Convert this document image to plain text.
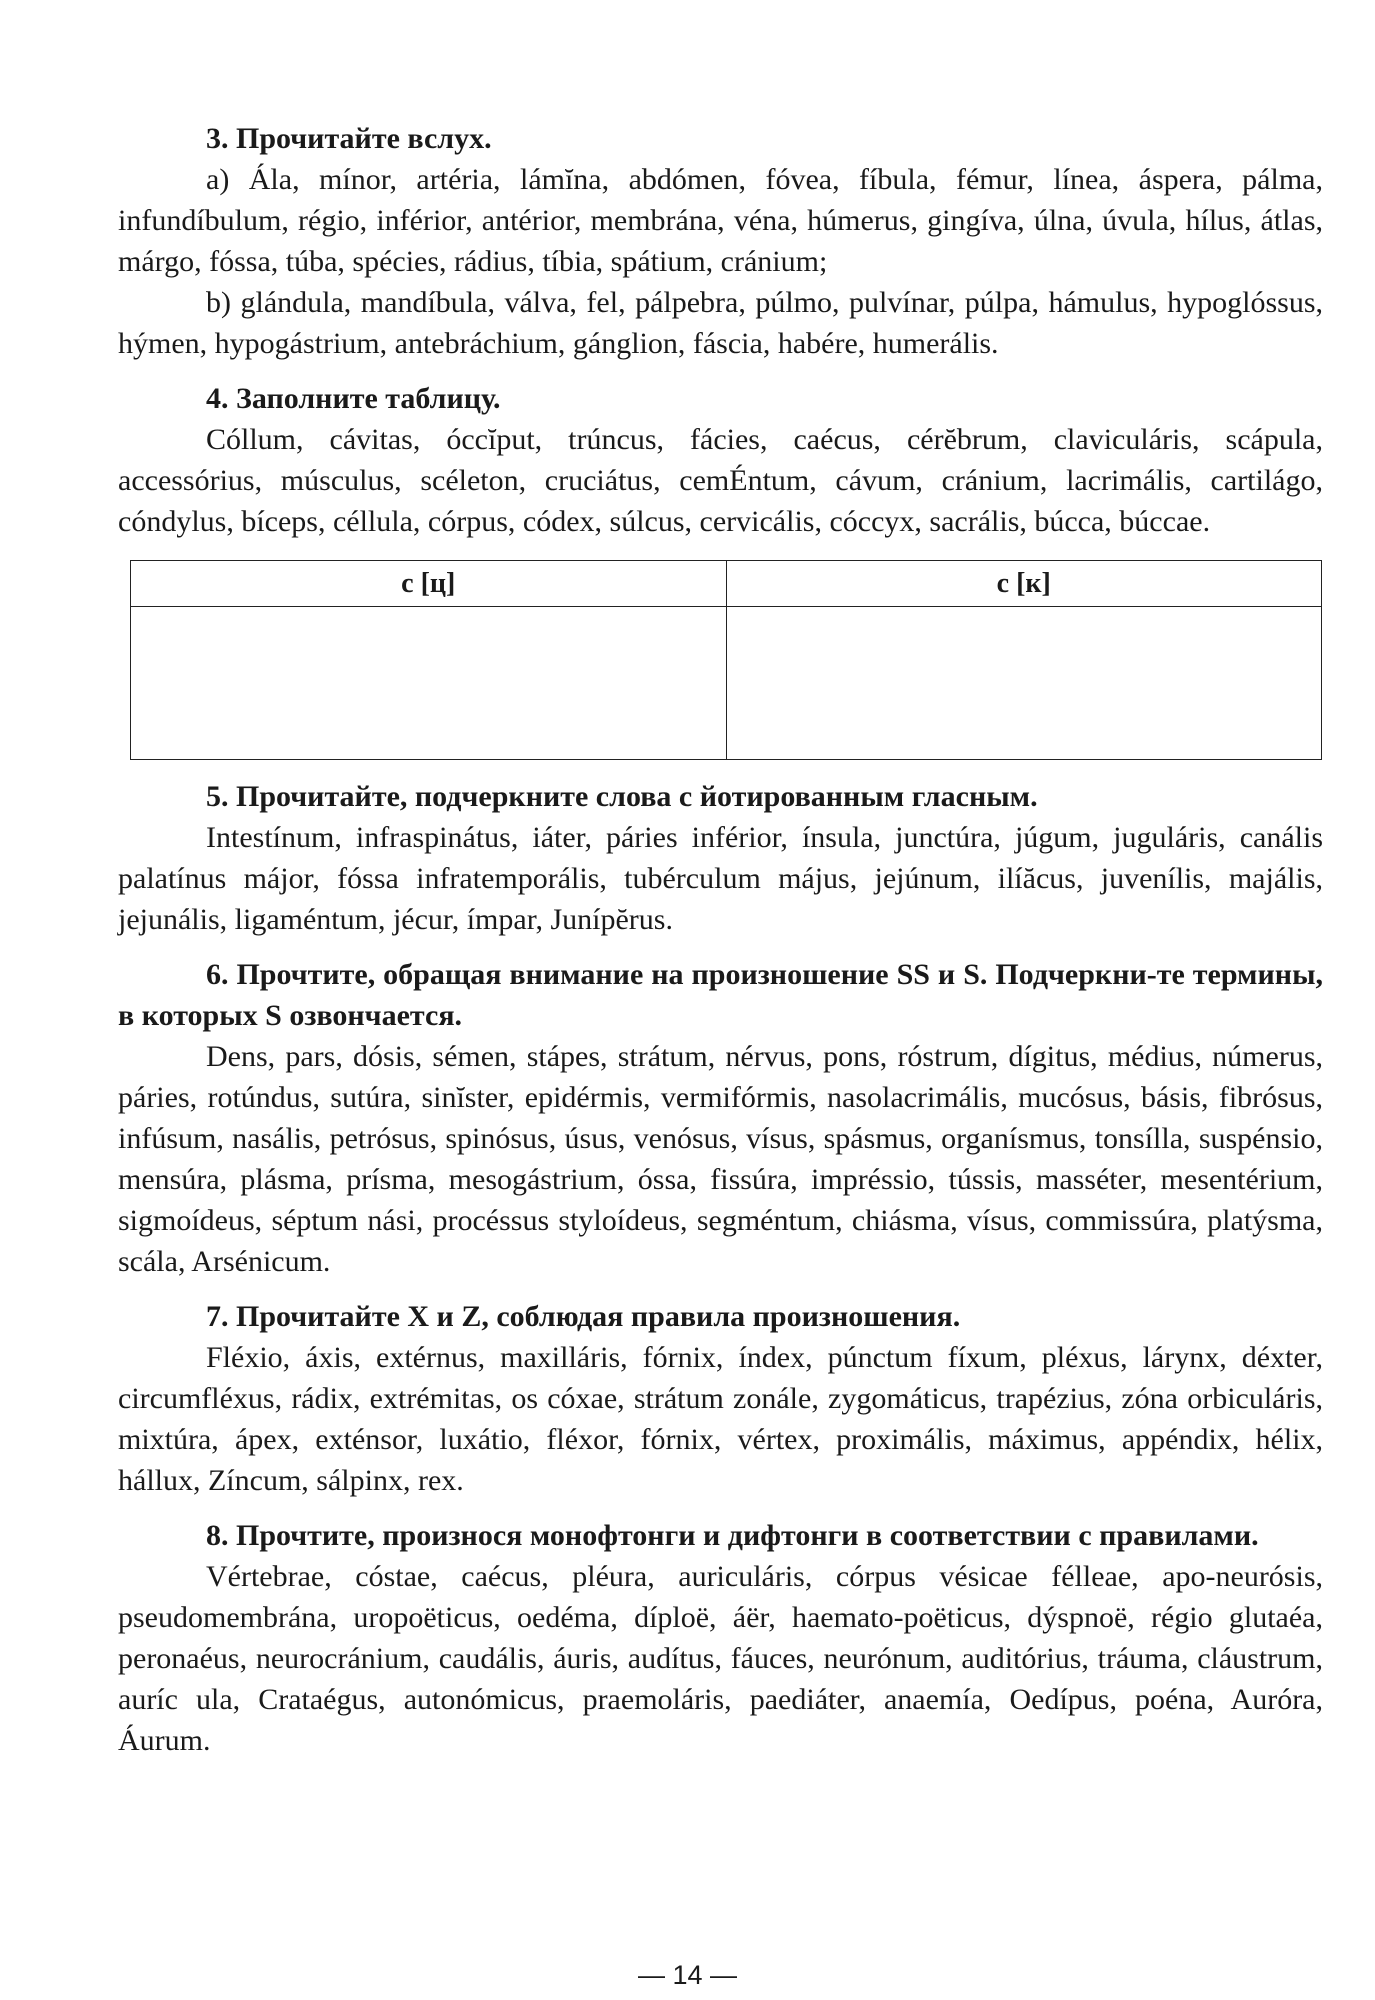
3. Прочитайте вслух.
а) Ála, mínor, artéria, lámĭna, abdómen, fóvea, fíbula, fémur, línea, áspera, pálma, infundíbulum, régio, inférior, antérior, membrána, véna, húmerus, gingíva, úlna, úvula, hílus, átlas, márgo, fóssa, túba, spécies, rádius, tíbia, spátium, cránium;
b) glándula, mandíbula, válva, fel, pálpebra, púlmo, pulvínar, púlpa, hámulus, hypoglóssus, hýmen, hypogástrium, antebráchium, gánglion, fáscia, habére, humerális.
4. Заполните таблицу.
Cóllum, cávitas, óccĭput, trúncus, fácies, caécus, cérĕbrum, claviculáris, scápula, accessórius, músculus, scéleton, cruciátus, cemÉntum, cávum, cránium, lacrimális, cartilágo, cóndylus, bíceps, céllula, córpus, códex, súlcus, cervicális, cóccyx, sacrális, búcca, búccae.
c [ц]	c [к]

5. Прочитайте, подчеркните слова с йотированным гласным.
Intestínum, infraspinátus, iáter, páries inférior, ínsula, junctúra, júgum, juguláris, canális palatínus májor, fóssa infratemporális, tubérculum május, jejúnum, ilíăcus, juvenílis, majális, jejunális, ligaméntum, jécur, ímpar, Junípĕrus.
6. Прочтите, обращая внимание на произношение SS и S. Подчеркни-те термины, в которых S озвончается.
Dens, pars, dósis, sémen, stápes, strátum, nérvus, pons, róstrum, dígitus, médius, númerus, páries, rotúndus, sutúra, sinĭster, epidérmis, vermifórmis, nasolacrimális, mucósus, básis, fibrósus, infúsum, nasális, petrósus, spinósus, úsus, venósus, vísus, spásmus, organísmus, tonsílla, suspénsio, mensúra, plásma, prísma, mesogástrium, óssa, fissúra, impréssio, tússis, masséter, mesentérium, sigmoídeus, séptum nási, procéssus styloídeus, segméntum, chiásma, vísus, commissúra, platýsma, scála, Arsénicum.
7. Прочитайте X и Z, соблюдая правила произношения.
Fléxio, áxis, extérnus, maxilláris, fórnix, índex, púnctum fíxum, pléxus, lárynx, déxter, circumfléxus, rádix, extrémitas, os cóxae, strátum zonále, zygomáticus, trapézius, zóna orbiculáris, mixtúra, ápex, exténsor, luxátio, fléxor, fórnix, vértex, proximális, máximus, appéndix, hélix, hállux, Zíncum, sálpinx, rex.
8. Прочтите, произнося монофтонги и дифтонги в соответствии с правилами.
Vértebrae, cóstae, caécus, pléura, auriculáris, córpus vésicae félleae, apo-neurósis, pseudomembrána, uropoëticus, oedéma, díploë, áër, haemato-poëticus, dýspnoë, régio glutaéa, peronaéus, neurocránium, caudális, áuris, audítus, fáuces, neurónum, auditórius, tráuma, cláustrum, auríc ula, Crataégus, autonómicus, praemoláris, paediáter, anaemía, Oedípus, poéna, Auróra, Áurum.
— 14 —
